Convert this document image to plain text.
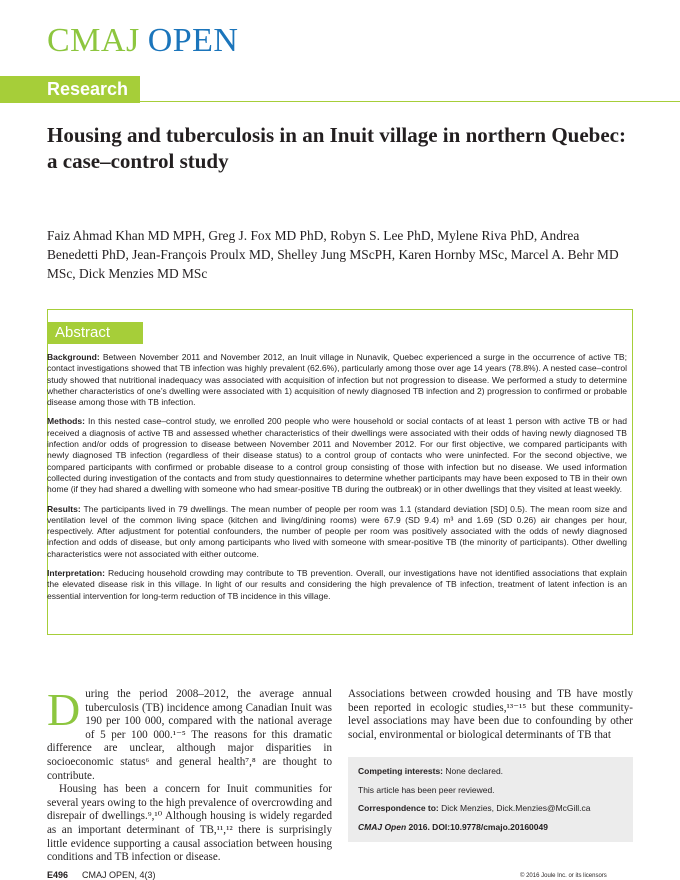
CMAJ OPEN
Research
Housing and tuberculosis in an Inuit village in northern Quebec: a case–control study
Faiz Ahmad Khan MD MPH, Greg J. Fox MD PhD, Robyn S. Lee PhD, Mylene Riva PhD, Andrea Benedetti PhD, Jean-François Proulx MD, Shelley Jung MScPH, Karen Hornby MSc, Marcel A. Behr MD MSc, Dick Menzies MD MSc
Abstract

Background: Between November 2011 and November 2012, an Inuit village in Nunavik, Quebec experienced a surge in the occurrence of active TB; contact investigations showed that TB infection was highly prevalent (62.6%), particularly among those over age 14 years (78.8%). A nested case–control study showed that nutritional inadequacy was associated with acquisition of infection but not progression to disease. We performed a study to determine whether characteristics of one’s dwelling were associated with 1) acquisition of newly diagnosed TB infection and 2) progression to confirmed or probable disease among those with TB infection.

Methods: In this nested case–control study, we enrolled 200 people who were household or social contacts of at least 1 person with active TB or had received a diagnosis of active TB and assessed whether characteristics of their dwellings were associated with their odds of having newly diagnosed TB infection and/or odds of progression to disease between November 2011 and November 2012. For our first objective, we compared participants with newly diagnosed TB infection (regardless of their disease status) to a control group of contacts who were uninfected. For the second objective, we compared participants with confirmed or probable disease to a control group consisting of those with infection but no disease. We used information collected during investigation of the contacts and from study questionnaires to determine whether participants may have been exposed to TB in their own home (if they had shared a dwelling with someone who had smear-positive TB during the outbreak) or in other dwellings that they visited at least weekly.

Results: The participants lived in 79 dwellings. The mean number of people per room was 1.1 (standard deviation [SD] 0.5). The mean room size and ventilation level of the common living space (kitchen and living/dining rooms) were 67.9 (SD 9.4) m³ and 1.69 (SD 0.26) air changes per hour, respectively. After adjustment for potential confounders, the number of people per room was positively associated with the odds of newly diagnosed infection and odds of disease, but only among participants who lived with someone with smear-positive TB (the minority of participants). Other dwelling characteristics were not associated with either outcome.

Interpretation: Reducing household crowding may contribute to TB prevention. Overall, our investigations have not identified associations that explain the elevated disease risk in this village. In light of our results and considering the high prevalence of TB infection, treatment of latent infection is an essential intervention for long-term reduction of TB incidence in this village.

During the period 2008–2012, the average annual tuberculosis (TB) incidence among Canadian Inuit was 190 per 100 000, compared with the national average of 5 per 100 000.¹⁻⁵ The reasons for this dramatic difference are unclear, although major disparities in socioeconomic status⁶ and general health⁷,⁸ are thought to contribute.

Housing has been a concern for Inuit communities for several years owing to the high prevalence of overcrowding and disrepair of dwellings.⁹,¹⁰ Although housing is widely regarded as an important determinant of TB,¹¹,¹² there is surprisingly little evidence supporting a causal association between housing conditions and TB infection or disease.

Associations between crowded housing and TB have mostly been reported in ecologic studies,¹³⁻¹⁵ but these community-level associations may have been due to confounding by other social, environmental or biological determinants of TB that

Competing interests: None declared.
This article has been peer reviewed.
Correspondence to: Dick Menzies, Dick.Menzies@McGill.ca
CMAJ Open 2016. DOI:10.9778/cmajo.20160049
E496 CMAJ OPEN, 4(3)	© 2016 Joule Inc. or its licensors
